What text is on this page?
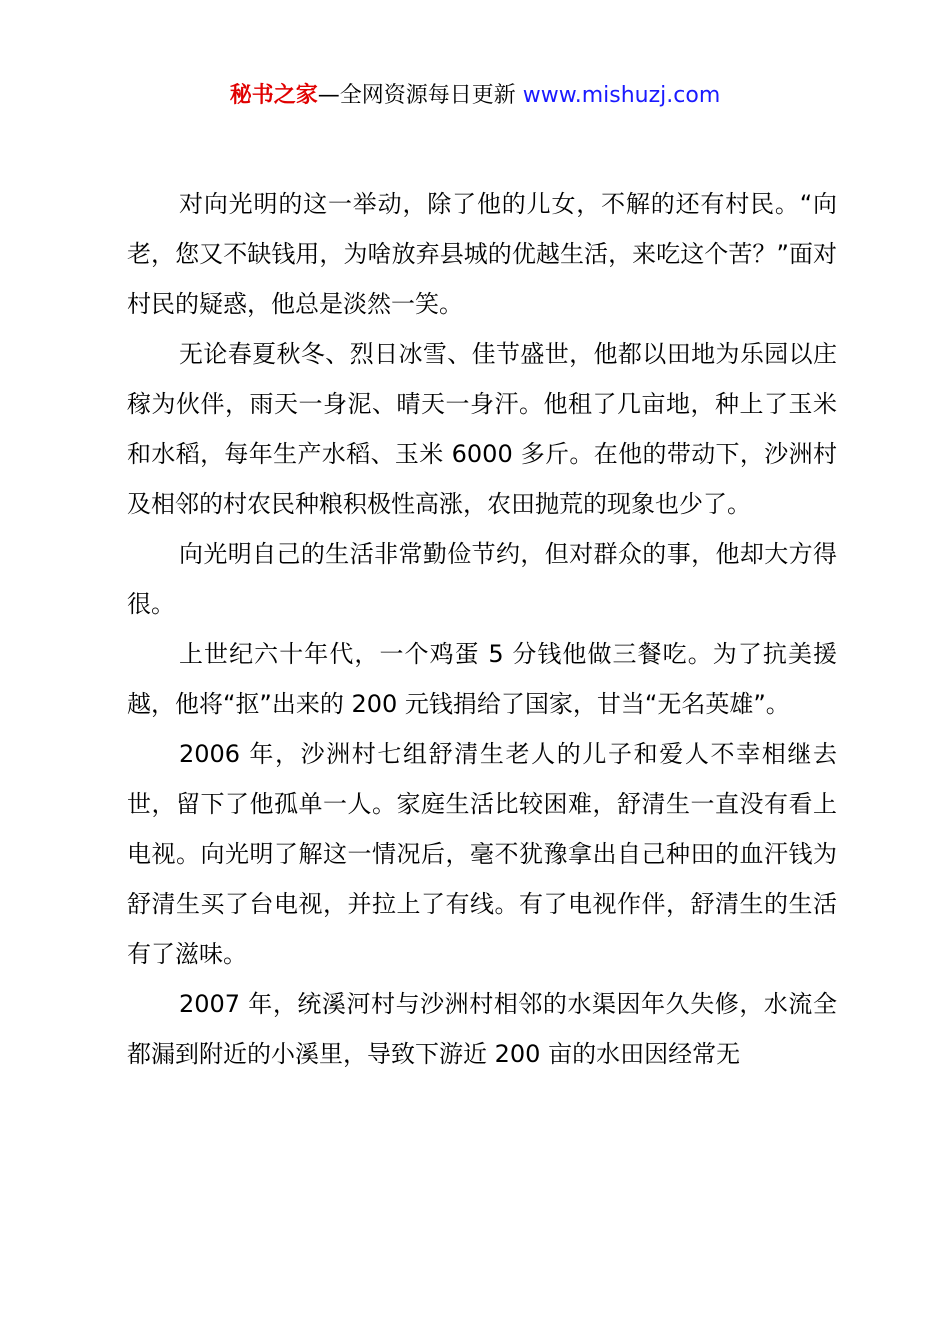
秘书之家—全网资源每日更新 www.mishuzj.com

对向光明的这一举动，除了他的儿女，不解的还有村民。“向老，您又不缺钱用，为啥放弃县城的优越生活，来吃这个苦？”面对村民的疑惑，他总是淡然一笑。

无论春夏秋冬、烈日冰雪、佳节盛世，他都以田地为乐园以庄稼为伙伴，雨天一身泥、晴天一身汗。他租了几亩地，种上了玉米和水稻，每年生产水稻、玉米 6000 多斤。在他的带动下，沙洲村及相邻的村农民种粮积极性高涨，农田抛荒的现象也少了。

向光明自己的生活非常勤俭节约，但对群众的事，他却大方得很。

上世纪六十年代，一个鸡蛋 5 分钱他做三餐吃。为了抗美援越，他将“抠”出来的 200 元钱捐给了国家，甘当“无名英雄”。

2006 年，沙洲村七组舒清生老人的儿子和爱人不幸相继去世，留下了他孤单一人。家庭生活比较困难，舒清生一直没有看上电视。向光明了解这一情况后，毫不犹豫拿出自己种田的血汗钱为舒清生买了台电视，并拉上了有线。有了电视作伴，舒清生的生活有了滋味。

2007 年，统溪河村与沙洲村相邻的水渠因年久失修，水流全都漏到附近的小溪里，导致下游近 200 亩的水田因经常无
